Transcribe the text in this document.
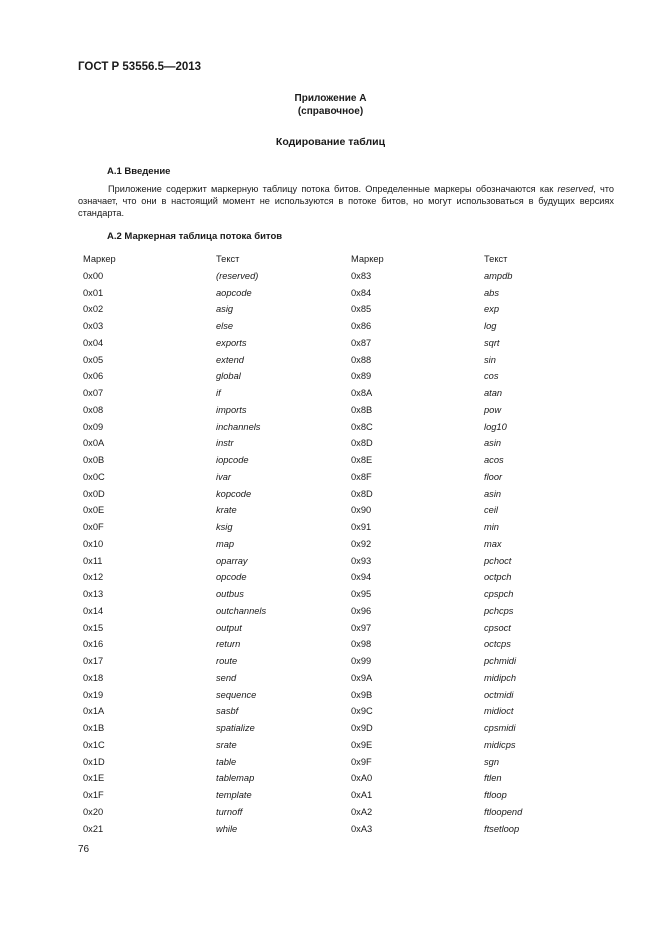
ГОСТ Р 53556.5—2013
Приложение А
(справочное)
Кодирование таблиц
А.1 Введение
Приложение содержит маркерную таблицу потока битов. Определенные маркеры обозначаются как reserved, что означает, что они в настоящий момент не используются в потоке битов, но могут использоваться в будущих версиях стандарта.
А.2 Маркерная таблица потока битов
Маркер	Текст	Маркер	Текст
0x00	(reserved)	0x83	ampdb
0x01	aopcode	0x84	abs
0x02	asig	0x85	exp
0x03	else	0x86	log
0x04	exports	0x87	sqrt
0x05	extend	0x88	sin
0x06	global	0x89	cos
0x07	if	0x8A	atan
0x08	imports	0x8B	pow
0x09	inchannels	0x8C	log10
0x0A	instr	0x8D	asin
0x0B	iopcode	0x8E	acos
0x0C	ivar	0x8F	floor
0x0D	kopcode	0x8D	asin
0x0E	krate	0x90	ceil
0x0F	ksig	0x91	min
0x10	map	0x92	max
0x11	oparray	0x93	pchoct
0x12	opcode	0x94	octpch
0x13	outbus	0x95	cpspch
0x14	outchannels	0x96	pchcps
0x15	output	0x97	cpsoct
0x16	return	0x98	octcps
0x17	route	0x99	pchmidi
0x18	send	0x9A	midipch
0x19	sequence	0x9B	octmidi
0x1A	sasbf	0x9C	midioct
0x1B	spatialize	0x9D	cpsmidi
0x1C	srate	0x9E	midicps
0x1D	table	0x9F	sgn
0x1E	tablemap	0xA0	ftlen
0x1F	template	0xA1	ftloop
0x20	turnoff	0xA2	ftloopend
0x21	while	0xA3	ftsetloop
76
